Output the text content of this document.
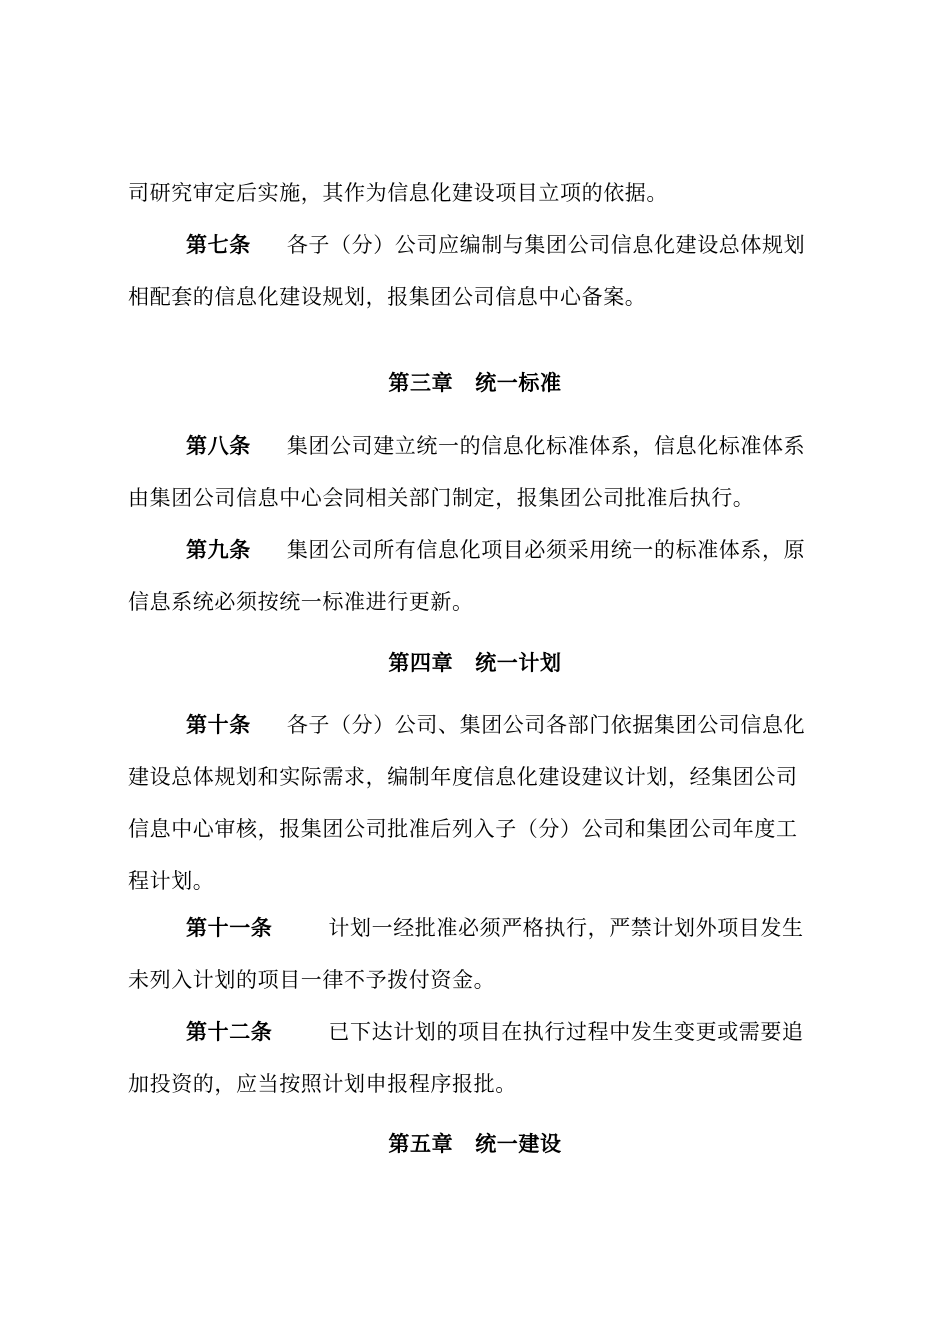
司研究审定后实施，其作为信息化建设项目立项的依据。
第七条 各子（分）公司应编制与集团公司信息化建设总体规划
相配套的信息化建设规划，报集团公司信息中心备案。
第三章 统一标准
第八条 集团公司建立统一的信息化标准体系，信息化标准体系
由集团公司信息中心会同相关部门制定，报集团公司批准后执行。
第九条 集团公司所有信息化项目必须采用统一的标准体系，原
信息系统必须按统一标准进行更新。
第四章 统一计划
第十条 各子（分）公司、集团公司各部门依据集团公司信息化
建设总体规划和实际需求，编制年度信息化建设建议计划，经集团公司
信息中心审核，报集团公司批准后列入子（分）公司和集团公司年度工
程计划。
第十一条	计划一经批准必须严格执行，严禁计划外项目发生
未列入计划的项目一律不予拨付资金。
第十二条	已下达计划的项目在执行过程中发生变更或需要追
加投资的，应当按照计划申报程序报批。
第五章 统一建设
